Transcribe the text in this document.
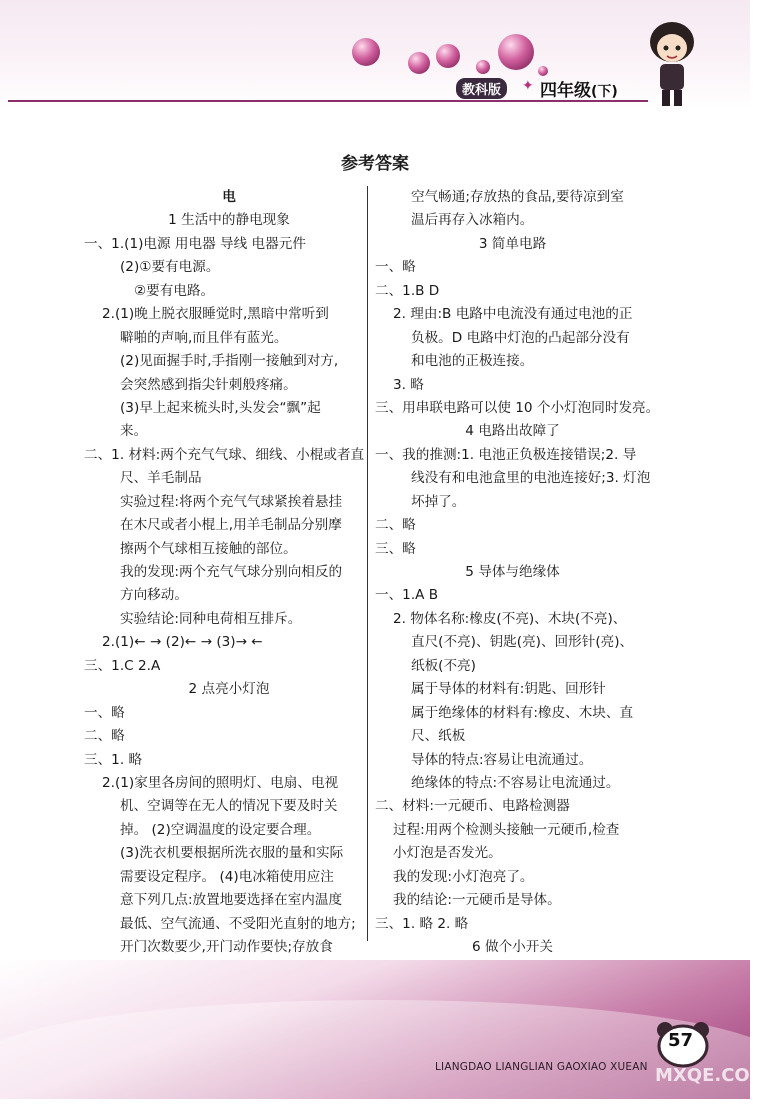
教科版	✦ 四年级(下)
参考答案
电
1 生活中的静电现象
一、1.(1)电源 用电器 导线 电器元件
(2)①要有电源。
②要有电路。
2.(1)晚上脱衣服睡觉时,黑暗中常听到
噼啪的声响,而且伴有蓝光。
(2)见面握手时,手指刚一接触到对方,
会突然感到指尖针刺般疼痛。
(3)早上起来梳头时,头发会“飘”起
来。
二、1. 材料:两个充气气球、细线、小棍或者直
尺、羊毛制品
实验过程:将两个充气气球紧挨着悬挂
在木尺或者小棍上,用羊毛制品分别摩
擦两个气球相互接触的部位。
我的发现:两个充气气球分别向相反的
方向移动。
实验结论:同种电荷相互排斥。
2.(1)← → (2)← → (3)→ ←
三、1.C 2.A
2 点亮小灯泡
一、略
二、略
三、1. 略
2.(1)家里各房间的照明灯、电扇、电视
机、空调等在无人的情况下要及时关
掉。 (2)空调温度的设定要合理。
(3)洗衣机要根据所洗衣服的量和实际
需要设定程序。 (4)电冰箱使用应注
意下列几点:放置地要选择在室内温度
最低、空气流通、不受阳光直射的地方;
开门次数要少,开门动作要快;存放食
空气畅通;存放热的食品,要待凉到室
温后再存入冰箱内。
3 简单电路
一、略
二、1.B D
2. 理由:B 电路中电流没有通过电池的正
负极。D 电路中灯泡的凸起部分没有
和电池的正极连接。
3. 略
三、用串联电路可以使 10 个小灯泡同时发亮。
4 电路出故障了
一、我的推测:1. 电池正负极连接错误;2. 导
线没有和电池盒里的电池连接好;3. 灯泡
坏掉了。
二、略
三、略
5 导体与绝缘体
一、1.A B
2. 物体名称:橡皮(不亮)、木块(不亮)、
直尺(不亮)、钥匙(亮)、回形针(亮)、
纸板(不亮)
属于导体的材料有:钥匙、回形针
属于绝缘体的材料有:橡皮、木块、直
尺、纸板
导体的特点:容易让电流通过。
绝缘体的特点:不容易让电流通过。
二、材料:一元硬币、电路检测器
过程:用两个检测头接触一元硬币,检查
小灯泡是否发光。
我的发现:小灯泡亮了。
我的结论:一元硬币是导体。
三、1. 略 2. 略
6 做个小开关
LIANGDAO LIANGLIAN GAOXIAO XUEAN
57
MXQE.COM
